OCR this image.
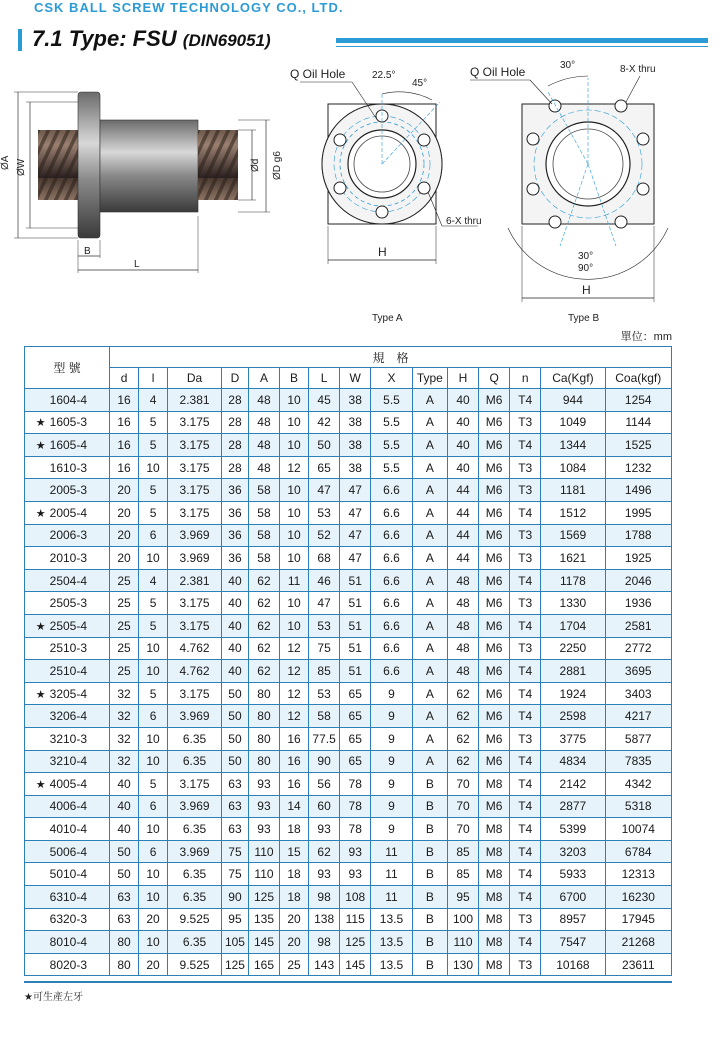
CSK BALL SCREW TECHNOLOGY CO., LTD.
7.1 Type: FSU (DIN69051)
ØA ØW	ØD g6
Ød
B
L
Q Oil Hole	22.5°
45°
6-X thru
H
Q Oil Hole	30°	8-X thru
30°
90°
H
Type A	Type B
單位：mm
型 號	規　格														
	d	l	Da	D	A	B	L	W	X	Type	H	Q	n	Ca(Kgf)	Coa(kgf)
1604-4	16	4	2.381	28	48	10	45	38	5.5	A	40	M6	T4	944	1254
★ 1605-3	16	5	3.175	28	48	10	42	38	5.5	A	40	M6	T3	1049	1144
★ 1605-4	16	5	3.175	28	48	10	50	38	5.5	A	40	M6	T4	1344	1525
1610-3	16	10	3.175	28	48	12	65	38	5.5	A	40	M6	T3	1084	1232
2005-3	20	5	3.175	36	58	10	47	47	6.6	A	44	M6	T3	1181	1496
★ 2005-4	20	5	3.175	36	58	10	53	47	6.6	A	44	M6	T4	1512	1995
2006-3	20	6	3.969	36	58	10	52	47	6.6	A	44	M6	T3	1569	1788
2010-3	20	10	3.969	36	58	10	68	47	6.6	A	44	M6	T3	1621	1925
2504-4	25	4	2.381	40	62	11	46	51	6.6	A	48	M6	T4	1178	2046
2505-3	25	5	3.175	40	62	10	47	51	6.6	A	48	M6	T3	1330	1936
★ 2505-4	25	5	3.175	40	62	10	53	51	6.6	A	48	M6	T4	1704	2581
2510-3	25	10	4.762	40	62	12	75	51	6.6	A	48	M6	T3	2250	2772
2510-4	25	10	4.762	40	62	12	85	51	6.6	A	48	M6	T4	2881	3695
★ 3205-4	32	5	3.175	50	80	12	53	65	9	A	62	M6	T4	1924	3403
3206-4	32	6	3.969	50	80	12	58	65	9	A	62	M6	T4	2598	4217
3210-3	32	10	6.35	50	80	16	77.5	65	9	A	62	M6	T3	3775	5877
3210-4	32	10	6.35	50	80	16	90	65	9	A	62	M6	T4	4834	7835
★ 4005-4	40	5	3.175	63	93	16	56	78	9	B	70	M8	T4	2142	4342
4006-4	40	6	3.969	63	93	14	60	78	9	B	70	M6	T4	2877	5318
4010-4	40	10	6.35	63	93	18	93	78	9	B	70	M8	T4	5399	10074
5006-4	50	6	3.969	75	110	15	62	93	11	B	85	M8	T4	3203	6784
5010-4	50	10	6.35	75	110	18	93	93	11	B	85	M8	T4	5933	12313
6310-4	63	10	6.35	90	125	18	98	108	11	B	95	M8	T4	6700	16230
6320-3	63	20	9.525	95	135	20	138	115	13.5	B	100	M8	T3	8957	17945
8010-4	80	10	6.35	105	145	20	98	125	13.5	B	110	M8	T4	7547	21268
8020-3	80	20	9.525	125	165	25	143	145	13.5	B	130	M8	T3	10168	23611
★可生產左牙
